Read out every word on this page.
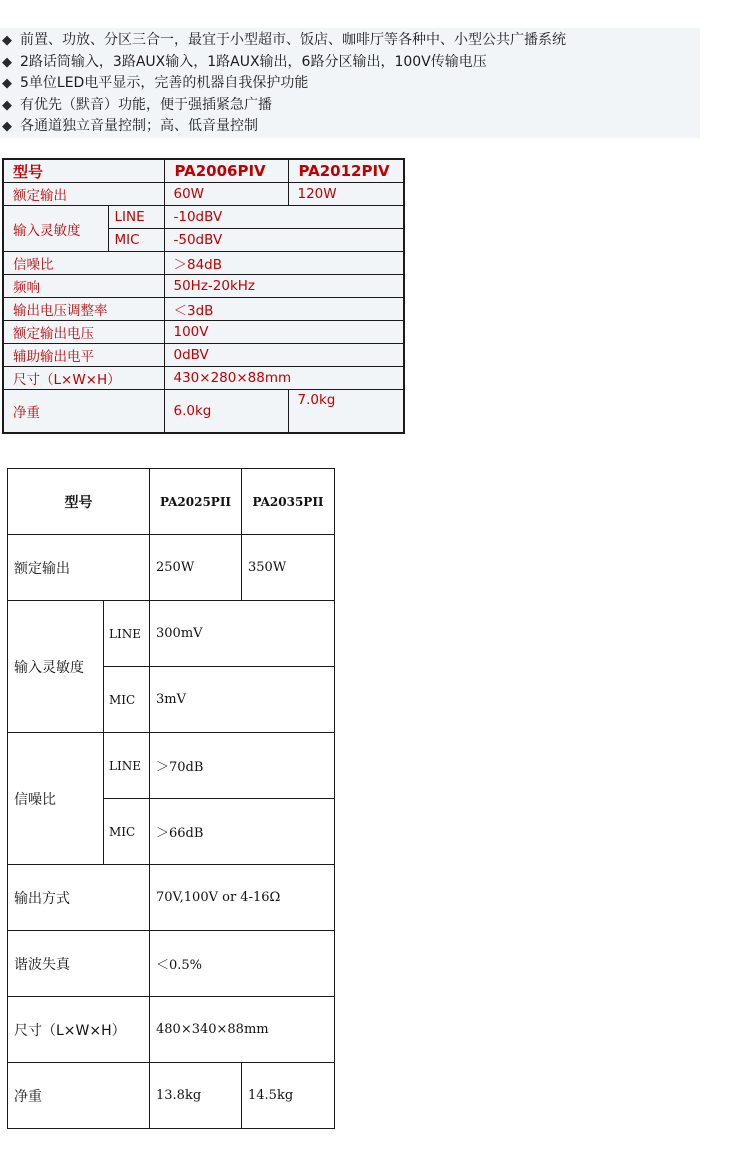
◆ 前置、功放、分区三合一，最宜于小型超市、饭店、咖啡厅等各种中、小型公共广播系统
◆ 2路话筒输入，3路AUX输入，1路AUX输出，6路分区输出，100V传输电压
◆ 5单位LED电平显示，完善的机器自我保护功能
◆ 有优先（默音）功能，便于强插紧急广播
◆ 各通道独立音量控制；高、低音量控制
型号		PA2006PIV	PA2012PIV
额定输出		60W	120W
输入灵敏度	LINE	-10dBV	
	MIC	-50dBV	
信噪比		＞84dB	
频响		50Hz-20kHz	
输出电压调整率		＜3dB	
额定输出电压		100V	
辅助输出电平		0dBV	
尺寸（L×W×H）		430×280×88mm	
净重		6.0kg	7.0kg
型号		PA2025PII	PA2035PII
额定输出		250W	350W
输入灵敏度	LINE	300mV	
	MIC	3mV	
信噪比	LINE	＞70dB	
	MIC	＞66dB	
输出方式		70V,100V or 4-16Ω	
谐波失真		＜0.5%	
尺寸（L×W×H）		480×340×88mm	
净重		13.8kg	14.5kg
